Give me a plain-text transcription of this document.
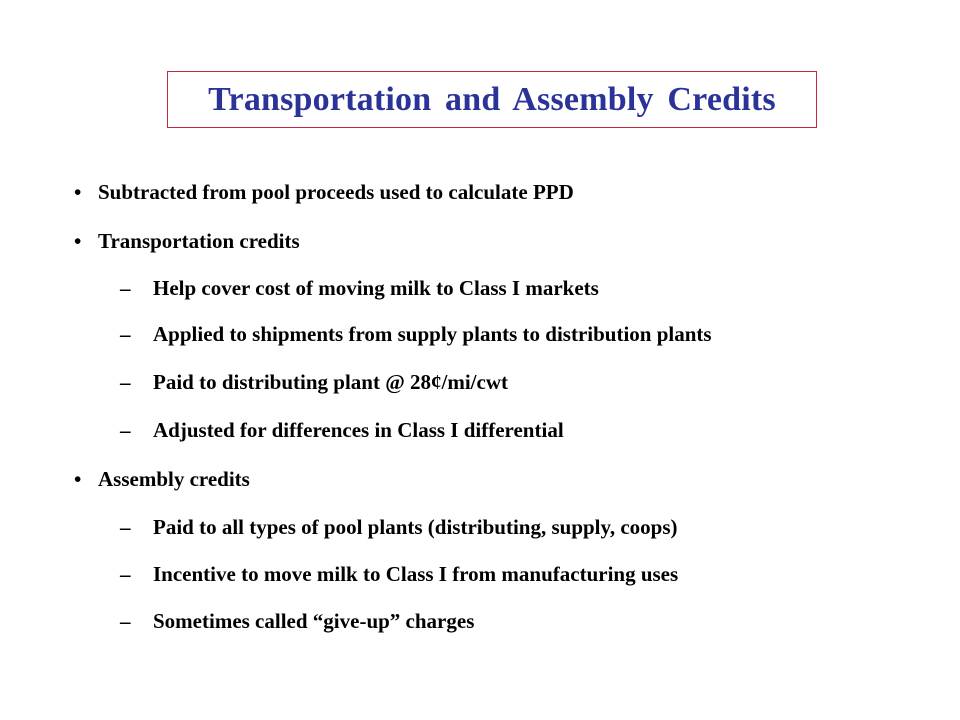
Transportation and Assembly Credits
• Subtracted from pool proceeds used to calculate PPD
• Transportation credits
– Help cover cost of moving milk to Class I markets
– Applied to shipments from supply plants to distribution plants
– Paid to distributing plant @ 28¢/mi/cwt
– Adjusted for differences in Class I differential
• Assembly credits
– Paid to all types of pool plants (distributing, supply, coops)
– Incentive to move milk to Class I from manufacturing uses
– Sometimes called “give-up” charges
